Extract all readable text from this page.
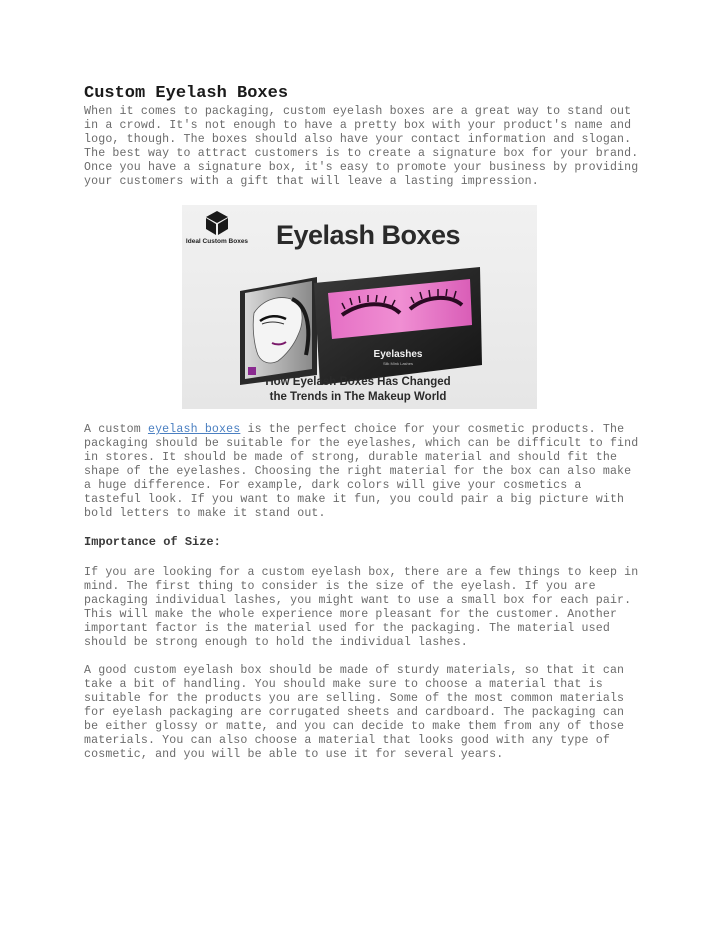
Custom Eyelash Boxes

When it comes to packaging, custom eyelash boxes are a great way to stand out in a crowd. It's not enough to have a pretty box with your product's name and logo, though. The boxes should also have your contact information and slogan. The best way to attract customers is to create a signature box for your brand. Once you have a signature box, it's easy to promote your business by providing your customers with a gift that will leave a lasting impression.

Ideal Custom Boxes Eyelash Boxes
Eyelashes
Silk Mink Lashes
How Eyelash Boxes Has Changed
the Trends in The Makeup World

A custom eyelash boxes is the perfect choice for your cosmetic products. The packaging should be suitable for the eyelashes, which can be difficult to find in stores. It should be made of strong, durable material and should fit the shape of the eyelashes. Choosing the right material for the box can also make a huge difference. For example, dark colors will give your cosmetics a tasteful look. If you want to make it fun, you could pair a big picture with bold letters to make it stand out.

Importance of Size:

If you are looking for a custom eyelash box, there are a few things to keep in mind. The first thing to consider is the size of the eyelash. If you are packaging individual lashes, you might want to use a small box for each pair. This will make the whole experience more pleasant for the customer. Another important factor is the material used for the packaging. The material used should be strong enough to hold the individual lashes.

A good custom eyelash box should be made of sturdy materials, so that it can take a bit of handling. You should make sure to choose a material that is suitable for the products you are selling. Some of the most common materials for eyelash packaging are corrugated sheets and cardboard. The packaging can be either glossy or matte, and you can decide to make them from any of those materials. You can also choose a material that looks good with any type of cosmetic, and you will be able to use it for several years.
